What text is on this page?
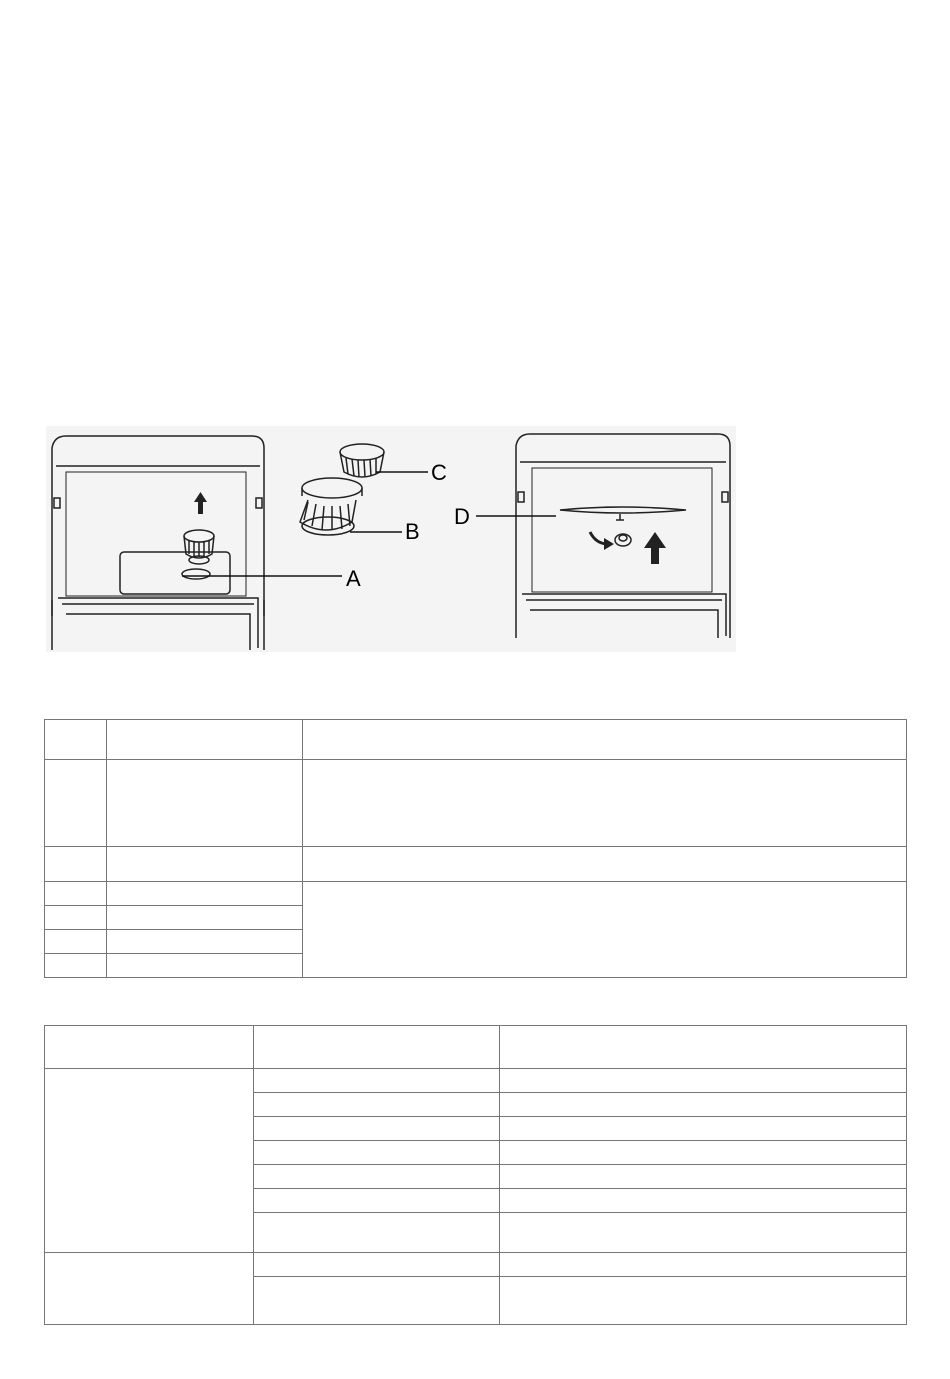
C
B
A
D
